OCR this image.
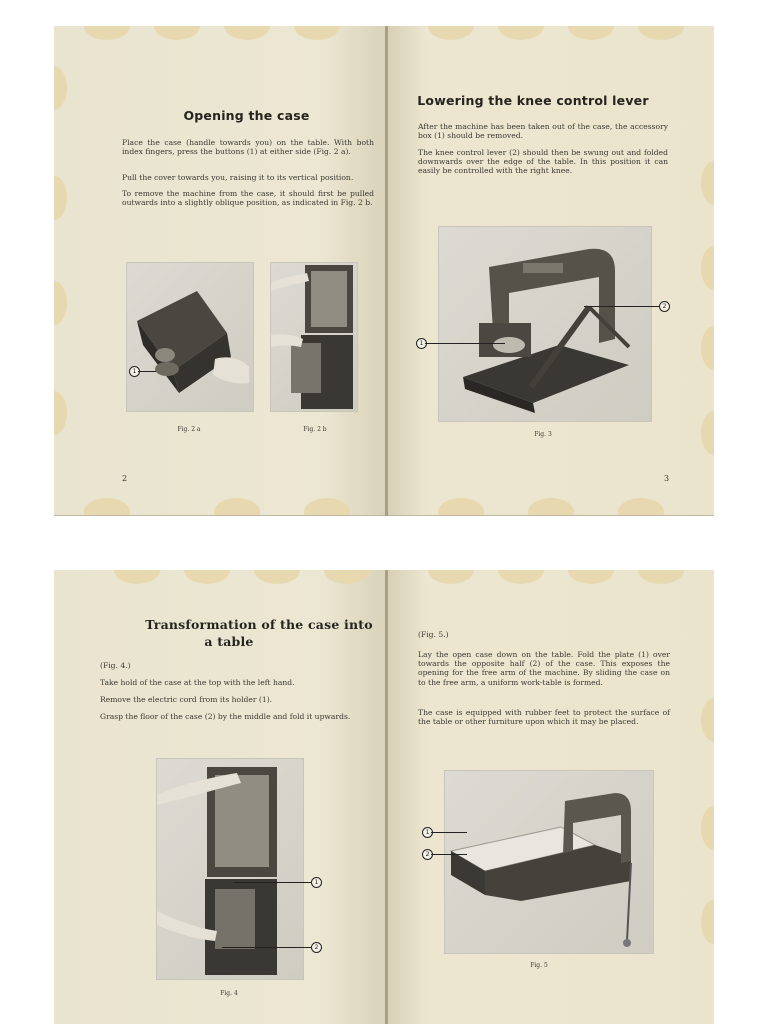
Opening the case

Place the case (handle towards you) on the table. With both index fingers, press the buttons (1) at either side (Fig. 2 a).

Pull the cover towards you, raising it to its vertical position.

To remove the machine from the case, it should first be pulled outwards into a slightly oblique position, as indicated in Fig. 2 b.

1
Fig. 2 a	Fig. 2 b
2
Lowering the knee control lever

After the machine has been taken out of the case, the accessory box (1) should be removed.

The knee control lever (2) should then be swung out and folded downwards over the edge of the table. In this position it can easily be controlled with the right knee.

1
2
Fig. 3
3
Transformation of the case into
a table

(Fig. 4.)

Take hold of the case at the top with the left hand.

Remove the electric cord from its holder (1).

Grasp the floor of the case (2) by the middle and fold it upwards.

1
2
Fig. 4

(Fig. 5.)

Lay the open case down on the table. Fold the plate (1) over towards the opposite half (2) of the case. This exposes the opening for the free arm of the machine. By sliding the case on to the free arm, a uniform work-table is formed.

The case is equipped with rubber feet to protect the surface of the table or other furniture upon which it may be placed.

1
2
Fig. 5
